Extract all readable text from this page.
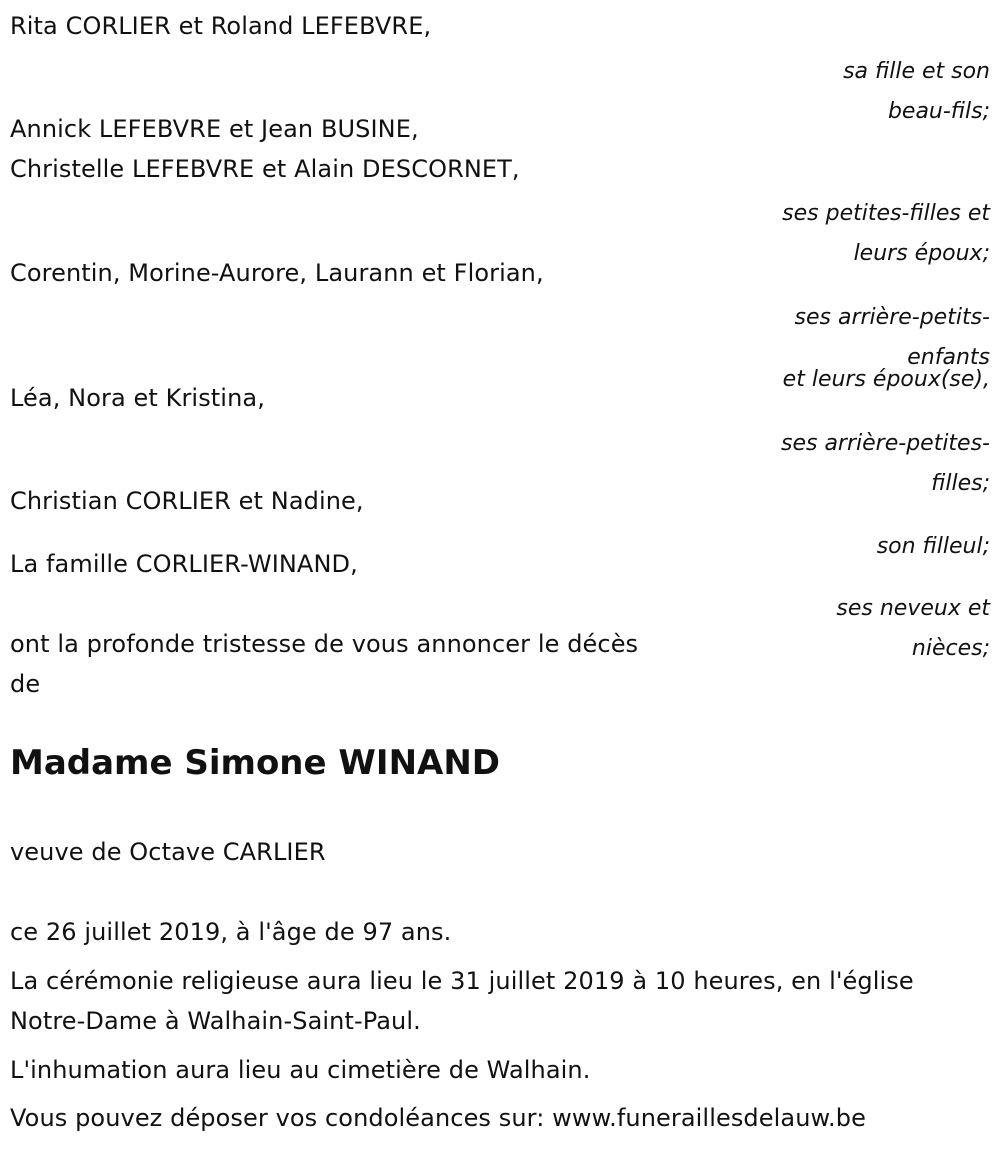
Rita CORLIER et Roland LEFEBVRE,

Annick LEFEBVRE et Jean BUSINE,

Christelle LEFEBVRE et Alain DESCORNET,

Corentin, Morine-Aurore, Laurann et Florian,

Léa, Nora et Kristina,

Christian CORLIER et Nadine,

La famille CORLIER-WINAND,

sa fille et son

beau-fils;

ses petites-filles et

leurs époux;

ses arrière-petits-

enfants

et leurs époux(se),

ses arrière-petites-

filles;

son filleul;

ses neveux et

nièces;

ont la profonde tristesse de vous annoncer le décès

de

Madame Simone WINAND

veuve de Octave CARLIER

ce 26 juillet 2019, à l'âge de 97 ans.

La cérémonie religieuse aura lieu le 31 juillet 2019 à 10 heures, en l'église

Notre-Dame à Walhain-Saint-Paul.

L'inhumation aura lieu au cimetière de Walhain.

Vous pouvez déposer vos condoléances sur: www.funeraillesdelauw.be
